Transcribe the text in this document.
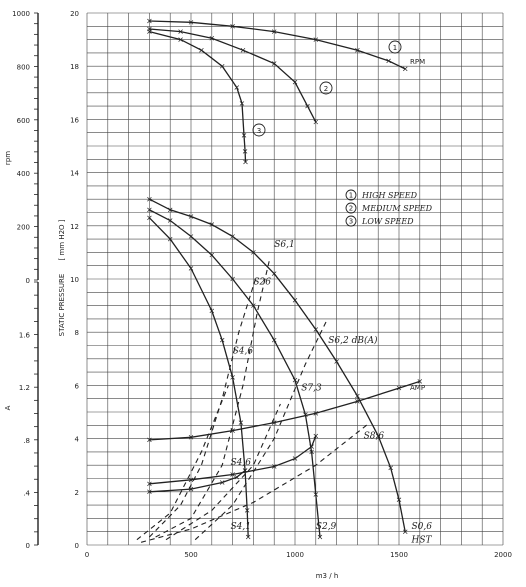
0	500	1000	1500	2000
0
2
4
6
8
10
12
14
16
18
20
0
200
400
600
800
1000
0
.4
.8
1.2
1.6
S6,1
S26
S4,6
S6,2 dB(A)
S7,3
S8,6
S4,6
S4,1	S2,9	S0,6
HST
m3 / h
STATIC PRESSURE
[ mm H2O ]
rpm
A
1 HIGH SPEED
2 MEDIUM SPEED
3 LOW SPEED
1
2
3
RPM
AMP
